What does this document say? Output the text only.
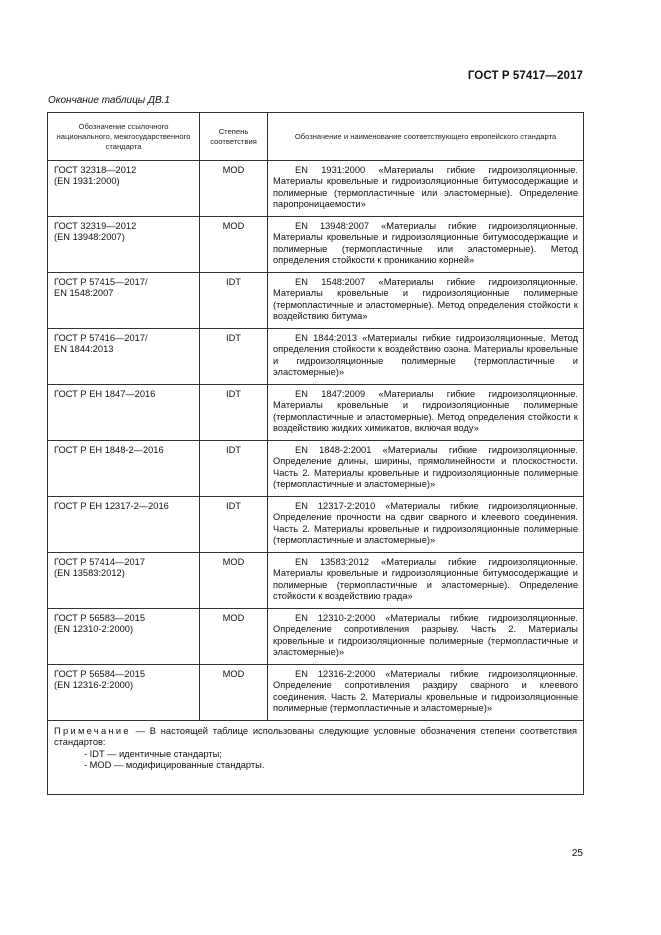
ГОСТ Р 57417—2017
Окончание таблицы ДВ.1
Обозначение ссылочного национального, межгосударственного стандарта	Степень соответствия	Обозначение и наименование соответствующего европейского стандарта

ГОСТ 32318—2012
(EN 1931:2000)	MOD	EN 1931:2000 «Материалы гибкие гидроизоляционные. Материалы кровельные и гидроизоляционные битумосодержащие и полимерные (термопластичные или эластомерные). Определение паропроницаемости»

ГОСТ 32319—2012
(EN 13948:2007)	MOD	EN 13948:2007 «Материалы гибкие гидроизоляционные. Материалы кровельные и гидроизоляционные битумосодержащие и полимерные (термопластичные или эластомерные). Метод определения стойкости к прониканию корней»

ГОСТ Р 57415—2017/
EN 1548:2007	IDT	EN 1548:2007 «Материалы гибкие гидроизоляционные. Материалы кровельные и гидроизоляционные полимерные (термопластичные и эластомерные). Метод определения стойкости к воздействию битума»

ГОСТ Р 57416—2017/
EN 1844:2013	IDT	EN 1844:2013 «Материалы гибкие гидроизоляционные. Метод определения стойкости к воздействию озона. Материалы кровельные и гидроизоляционные полимерные (термопластичные и эластомерные)»

ГОСТ Р ЕН 1847—2016	IDT	EN 1847:2009 «Материалы гибкие гидроизоляционные. Материалы кровельные и гидроизоляционные полимерные (термопластичные и эластомерные). Метод определения стойкости к воздействию жидких химикатов, включая воду»

ГОСТ Р ЕН 1848-2—2016	IDT	EN 1848-2:2001 «Материалы гибкие гидроизоляционные. Определение длины, ширины, прямолинейности и плоскостности. Часть 2. Материалы кровельные и гидроизоляционные полимерные (термопластичные и эластомерные)»

ГОСТ Р ЕН 12317-2—2016	IDT	EN 12317-2:2010 «Материалы гибкие гидроизоляционные. Определение прочности на сдвиг сварного и клеевого соединения. Часть 2. Материалы кровельные и гидроизоляционные полимерные (термопластичные и эластомерные)»

ГОСТ Р 57414—2017
(EN 13583:2012)	MOD	EN 13583:2012 «Материалы гибкие гидроизоляционные. Материалы кровельные и гидроизоляционные битумосодержащие и полимерные (термопластичные и эластомерные). Определение стойкости к воздействию града»

ГОСТ Р 56583—2015
(EN 12310-2:2000)	MOD	EN 12310-2:2000 «Материалы гибкие гидроизоляционные. Определение сопротивления разрыву. Часть 2. Материалы кровельные и гидроизоляционные полимерные (термопластичные и эластомерные)»

ГОСТ Р 56584—2015
(EN 12316-2:2000)	MOD	EN 12316-2:2000 «Материалы гибкие гидроизоляционные. Определение сопротивления раздиру сварного и клеевого соединения. Часть 2. Материалы кровельные и гидроизоляционные полимерные (термопластичные и эластомерные)»
Примечание — В настоящей таблице использованы следующие условные обозначения степени соответствия стандартов:
- IDT — идентичные стандарты;
- MOD — модифицированные стандарты.		
25
